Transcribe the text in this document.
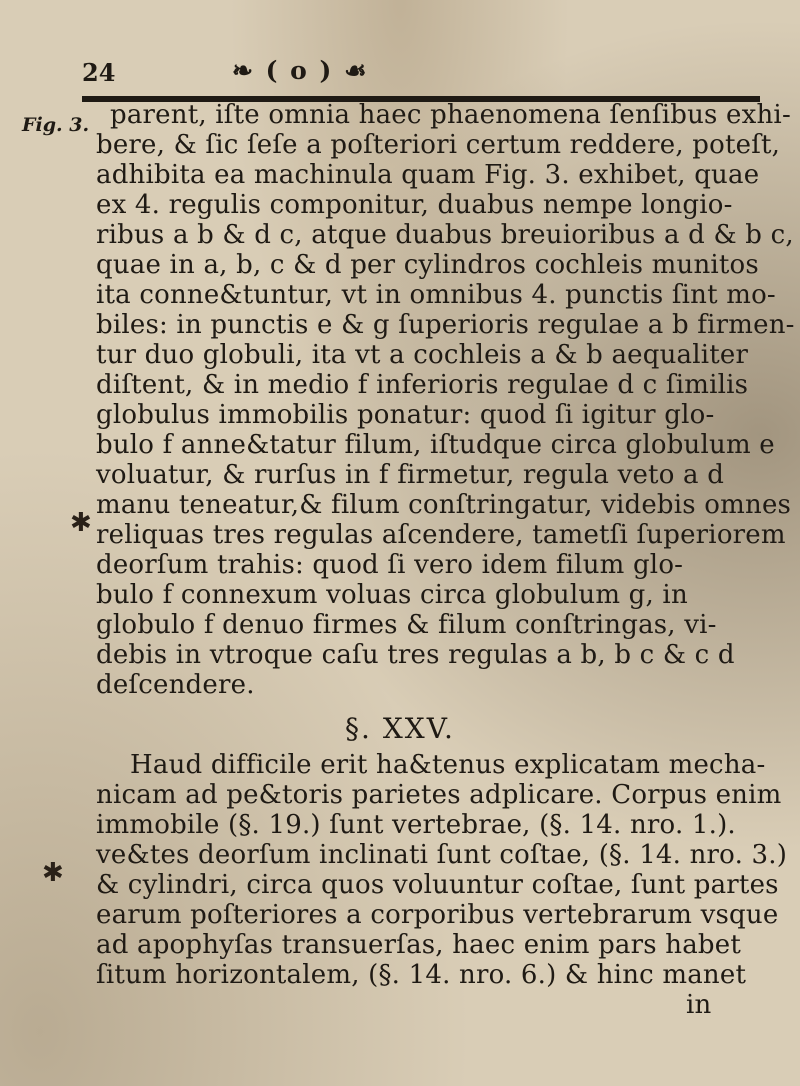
24	❧ ( o ) ☙
Fig. 3. parent, iſte omnia haec phaenomena ſenſibus exhi-
bere, & ſic ſeſe a poſteriori certum reddere, poteſt,
adhibita ea machinula quam Fig. 3. exhibet, quae
ex 4. regulis componitur, duabus nempe longio-
ribus a b & d c, atque duabus breuioribus a d & b c,
quae in a, b, c & d per cylindros cochleis munitos
ita conne&tuntur, vt in omnibus 4. punctis ſint mo-
biles: in punctis e & g ſuperioris regulae a b firmen-
tur duo globuli, ita vt a cochleis a & b aequaliter
diſtent, & in medio f inferioris regulae d c ſimilis
globulus immobilis ponatur: quod ſi igitur glo-
bulo f anne&tatur filum, iſtudque circa globulum e
voluatur, & rurſus in f firmetur, regula veto a d
manu teneatur,& filum conſtringatur, videbis omnes
reliquas tres regulas aſcendere, tametſi ſuperiorem
deorſum trahis: quod ſi vero idem filum glo-
bulo f connexum voluas circa globulum g, in
globulo f denuo firmes & filum conſtringas, vi-
debis in vtroque caſu tres regulas a b, b c & c d
deſcendere.
§. XXV.
Haud difficile erit ha&tenus explicatam mecha-
nicam ad pe&toris parietes adplicare. Corpus enim
immobile (§. 19.) ſunt vertebrae, (§. 14. nro. 1.).
ve&tes deorſum inclinati ſunt coſtae, (§. 14. nro. 3.)
& cylindri, circa quos voluuntur coſtae, ſunt partes
earum poſteriores a corporibus vertebrarum vsque
ad apophyſas transuerſas, haec enim pars habet
ſitum horizontalem, (§. 14. nro. 6.) & hinc manet
in
✱
✱
